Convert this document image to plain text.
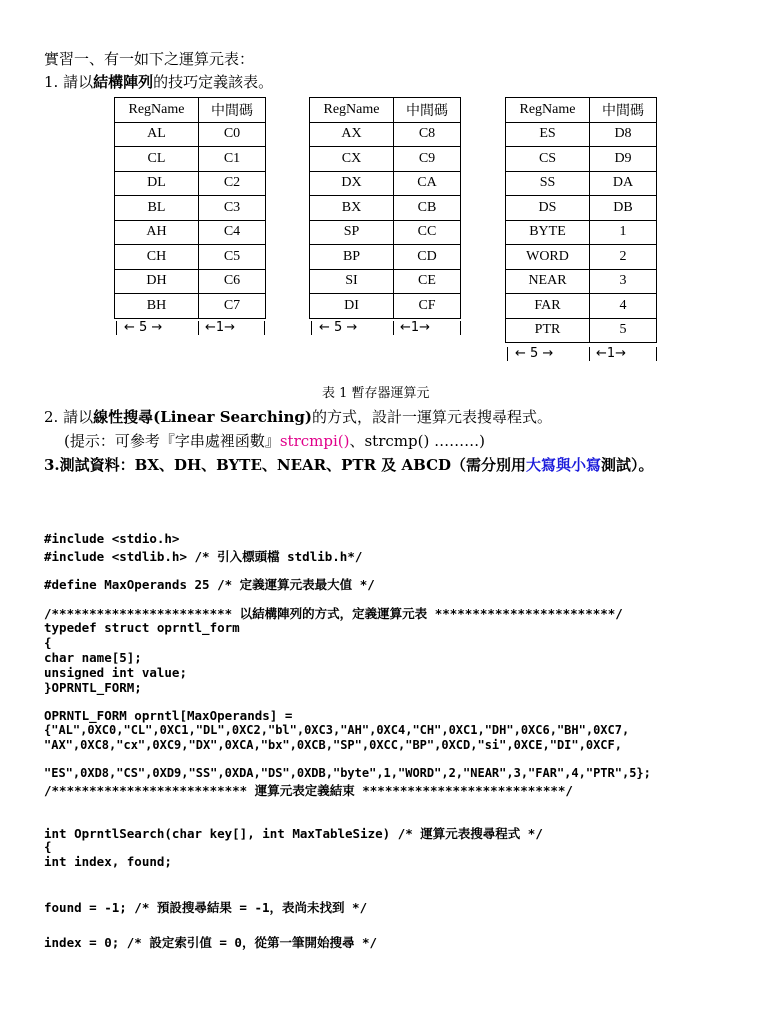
實習一、有一如下之運算元表：
1. 請以結構陣列的技巧定義該表。
RegName	中間碼
AL	C0
CL	C1
DL	C2
BL	C3
AH	C4
CH	C5
DH	C6
BH	C7
RegName	中間碼
AX	C8
CX	C9
DX	CA
BX	CB
SP	CC
BP	CD
SI	CE
DI	CF
RegName	中間碼
ES	D8
CS	D9
SS	DA
DS	DB
BYTE	1
WORD	2
NEAR	3
FAR	4
PTR	5
← 5 →	←1→	← 5 →	←1→
← 5 →	←1→
表 1 暫存器運算元
2. 請以線性搜尋(Linear Searching)的方式，設計一運算元表搜尋程式。
(提示：可參考『字串處裡函數』strcmpi()、strcmp() ………)
3.測試資料：BX、DH、BYTE、NEAR、PTR 及 ABCD（需分別用大寫與小寫測試）。
#include <stdio.h>
#include <stdlib.h> /* 引入標頭檔 stdlib.h*/
#define MaxOperands 25 /* 定義運算元表最大值 */
/************************ 以結構陣列的方式，定義運算元表 ************************/
typedef struct oprntl_form
{
char name[5];
unsigned int value;
}OPRNTL_FORM;
OPRNTL_FORM oprntl[MaxOperands] =
{"AL",0XC0,"CL",0XC1,"DL",0XC2,"bl",0XC3,"AH",0XC4,"CH",0XC1,"DH",0XC6,"BH",0XC7,
"AX",0XC8,"cx",0XC9,"DX",0XCA,"bx",0XCB,"SP",0XCC,"BP",0XCD,"si",0XCE,"DI",0XCF,
"ES",0XD8,"CS",0XD9,"SS",0XDA,"DS",0XDB,"byte",1,"WORD",2,"NEAR",3,"FAR",4,"PTR",5};
/************************** 運算元表定義結束 ***************************/
int OprntlSearch(char key[], int MaxTableSize) /* 運算元表搜尋程式 */
{
int index, found;
found = -1; /* 預設搜尋結果 = -1，表尚未找到 */
index = 0; /* 設定索引值 = 0，從第一筆開始搜尋 */
